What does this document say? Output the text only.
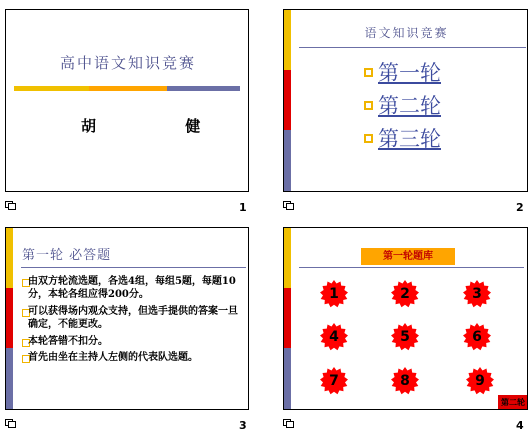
高中语文知识竞赛
胡 健
1
语文知识竞赛
第一轮
第二轮
第三轮
2
第一轮 必答题
由双方轮流选题，各选4组，每组5题，每题10分，本轮各组应得200分。
可以获得场内观众支持，但选手提供的答案一旦确定，不能更改。
本轮答错不扣分。
首先由坐在主持人左侧的代表队选题。
3
第一轮题库
1	2	3
4	5	6
7	8	9
第二轮
4
